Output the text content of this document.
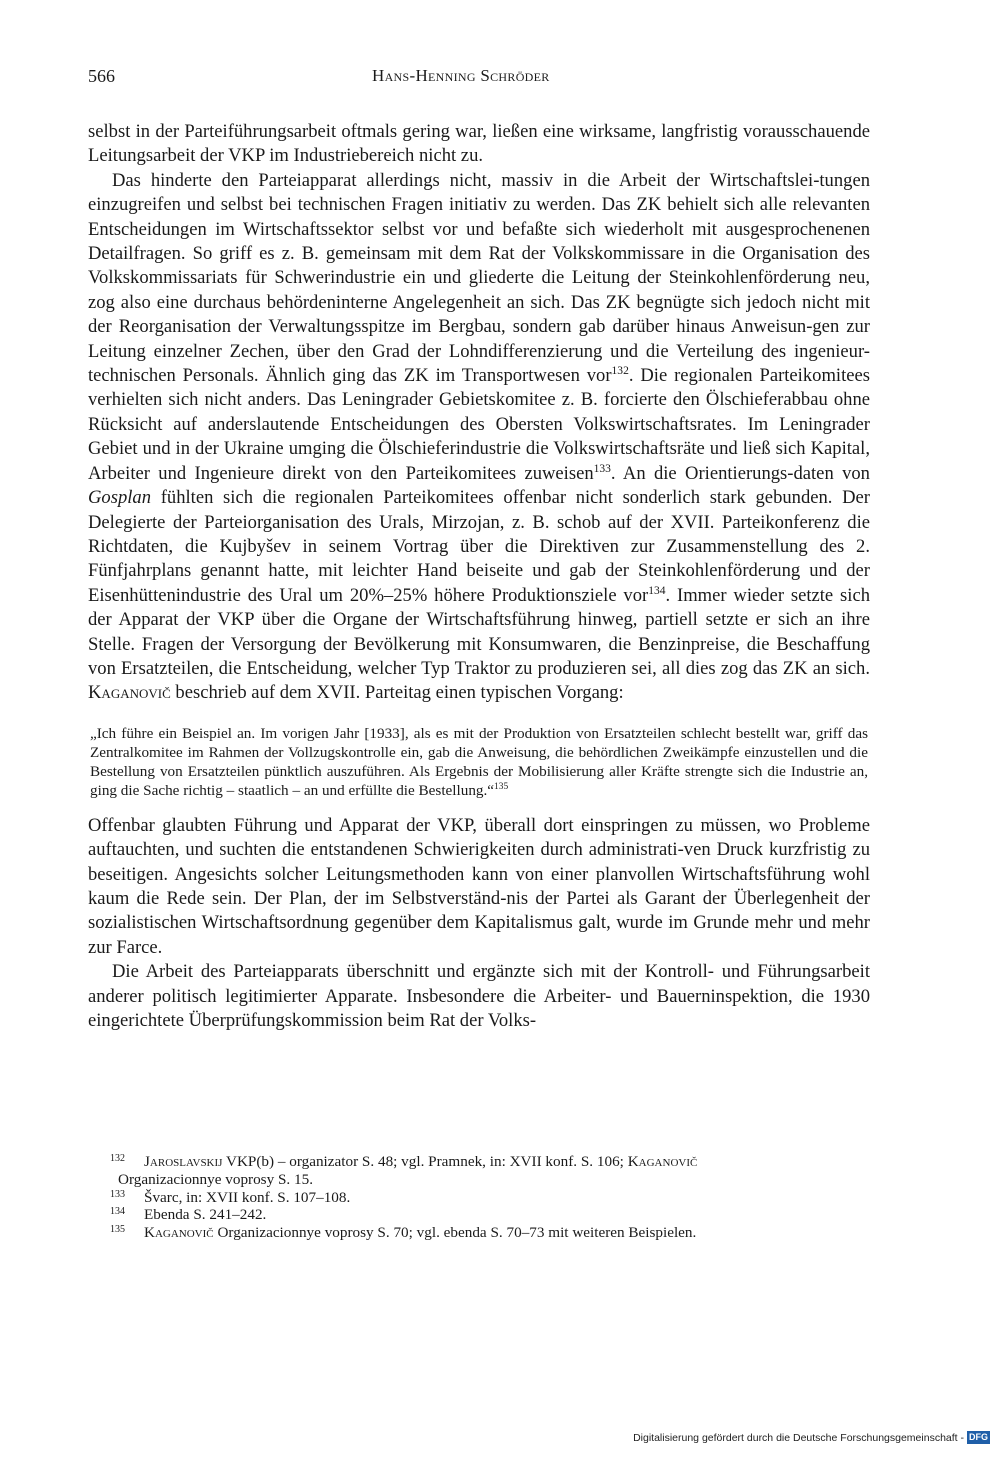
566	Hans-Henning Schröder

selbst in der Parteiführungsarbeit oftmals gering war, ließen eine wirksame, langfristig vorausschauende Leitungsarbeit der VKP im Industriebereich nicht zu.

Das hinderte den Parteiapparat allerdings nicht, massiv in die Arbeit der Wirtschaftslei-tungen einzugreifen und selbst bei technischen Fragen initiativ zu werden. Das ZK behielt sich alle relevanten Entscheidungen im Wirtschaftssektor selbst vor und befaßte sich wiederholt mit ausgesprochenenen Detailfragen. So griff es z. B. gemeinsam mit dem Rat der Volkskommissare in die Organisation des Volkskommissariats für Schwerindustrie ein und gliederte die Leitung der Steinkohlenförderung neu, zog also eine durchaus behördeninterne Angelegenheit an sich. Das ZK begnügte sich jedoch nicht mit der Reorganisation der Verwaltungsspitze im Bergbau, sondern gab darüber hinaus Anweisun-gen zur Leitung einzelner Zechen, über den Grad der Lohndifferenzierung und die Verteilung des ingenieur-technischen Personals. Ähnlich ging das ZK im Transportwesen vor$^{132}$. Die regionalen Parteikomitees verhielten sich nicht anders. Das Leningrader Gebietskomitee z. B. forcierte den Ölschieferabbau ohne Rücksicht auf anderslautende Entscheidungen des Obersten Volkswirtschaftsrates. Im Leningrader Gebiet und in der Ukraine umging die Ölschieferindustrie die Volkswirtschaftsräte und ließ sich Kapital, Arbeiter und Ingenieure direkt von den Parteikomitees zuweisen$^{133}$. An die Orientierungs-daten von Gosplan fühlten sich die regionalen Parteikomitees offenbar nicht sonderlich stark gebunden. Der Delegierte der Parteiorganisation des Urals, Mirzojan, z. B. schob auf der XVII. Parteikonferenz die Richtdaten, die Kujbyšev in seinem Vortrag über die Direktiven zur Zusammenstellung des 2. Fünfjahrplans genannt hatte, mit leichter Hand beiseite und gab der Steinkohlenförderung und der Eisenhüttenindustrie des Ural um 20%–25% höhere Produktionsziele vor$^{134}$. Immer wieder setzte sich der Apparat der VKP über die Organe der Wirtschaftsführung hinweg, partiell setzte er sich an ihre Stelle. Fragen der Versorgung der Bevölkerung mit Konsumwaren, die Benzinpreise, die Beschaffung von Ersatzteilen, die Entscheidung, welcher Typ Traktor zu produzieren sei, all dies zog das ZK an sich. Kaganovič beschrieb auf dem XVII. Parteitag einen typischen Vorgang:

„Ich führe ein Beispiel an. Im vorigen Jahr [1933], als es mit der Produktion von Ersatzteilen schlecht bestellt war, griff das Zentralkomitee im Rahmen der Vollzugskontrolle ein, gab die Anweisung, die behördlichen Zweikämpfe einzustellen und die Bestellung von Ersatzteilen pünktlich auszuführen. Als Ergebnis der Mobilisierung aller Kräfte strengte sich die Industrie an, ging die Sache richtig – staatlich – an und erfüllte die Bestellung.“$^{135}$

Offenbar glaubten Führung und Apparat der VKP, überall dort einspringen zu müssen, wo Probleme auftauchten, und suchten die entstandenen Schwierigkeiten durch administrati-ven Druck kurzfristig zu beseitigen. Angesichts solcher Leitungsmethoden kann von einer planvollen Wirtschaftsführung wohl kaum die Rede sein. Der Plan, der im Selbstverständ-nis der Partei als Garant der Überlegenheit der sozialistischen Wirtschaftsordnung gegenüber dem Kapitalismus galt, wurde im Grunde mehr und mehr zur Farce.

Die Arbeit des Parteiapparats überschnitt und ergänzte sich mit der Kontroll- und Führungsarbeit anderer politisch legitimierter Apparate. Insbesondere die Arbeiter- und Bauerninspektion, die 1930 eingerichtete Überprüfungskommission beim Rat der Volks-

132	Jaroslavskij VKP(b) – organizator S. 48; vgl. Pramnek, in: XVII konf. S. 106; Kaganovič
Organizacionnye voprosy S. 15.
133	Švarc, in: XVII konf. S. 107–108.
134	Ebenda S. 241–242.
135	Kaganovič Organizacionnye voprosy S. 70; vgl. ebenda S. 70–73 mit weiteren Beispielen.
Digitalisierung gefördert durch die Deutsche Forschungsgemeinschaft - DFG
